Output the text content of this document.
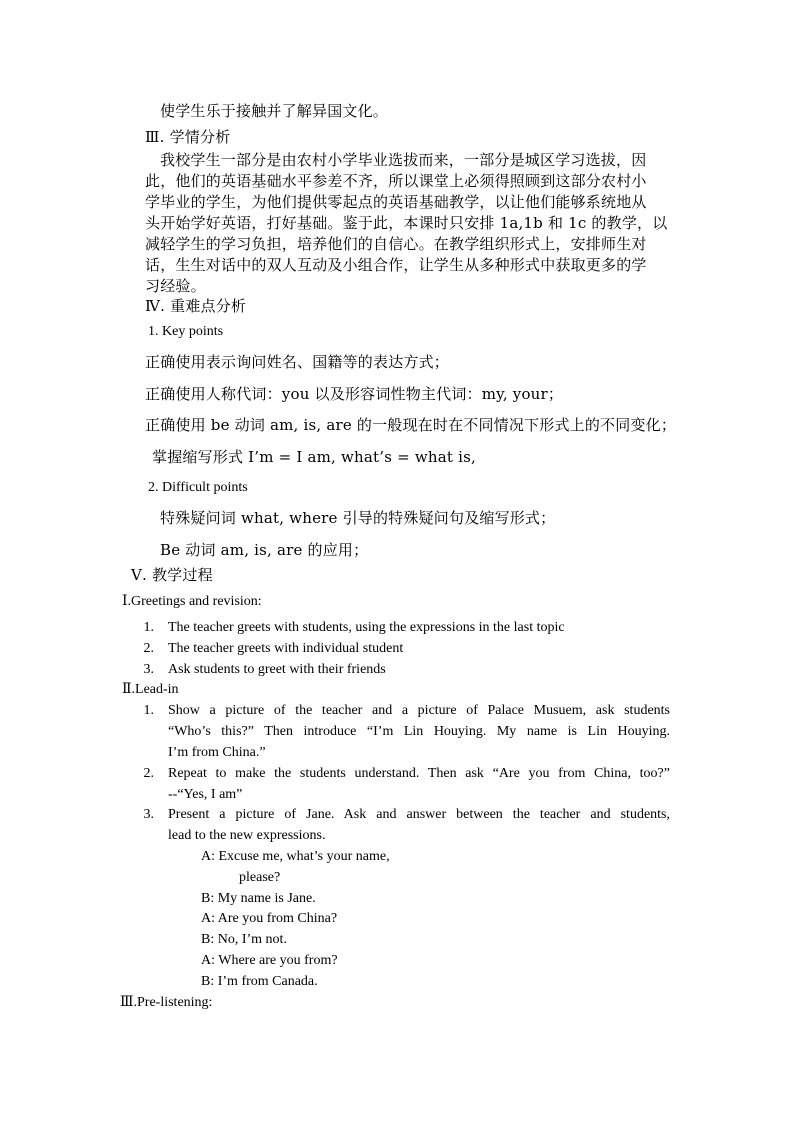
使学生乐于接触并了解异国文化。
Ⅲ. 学情分析
我校学生一部分是由农村小学毕业选拔而来，一部分是城区学习选拔，因
此，他们的英语基础水平参差不齐，所以课堂上必须得照顾到这部分农村小
学毕业的学生，为他们提供零起点的英语基础教学，以让他们能够系统地从
头开始学好英语，打好基础。鉴于此，本课时只安排 1a,1b 和 1c 的教学，以
减轻学生的学习负担，培养他们的自信心。在教学组织形式上，安排师生对
话，生生对话中的双人互动及小组合作，让学生从多种形式中获取更多的学
习经验。
Ⅳ. 重难点分析
1. Key points
正确使用表示询问姓名、国籍等的表达方式；
正确使用人称代词：you 以及形容词性物主代词：my, your；
正确使用 be 动词 am, is, are 的一般现在时在不同情况下形式上的不同变化；
掌握缩写形式 I’m = I am, what’s = what is,
2. Difficult points
特殊疑问词 what, where 引导的特殊疑问句及缩写形式；
Be 动词 am, is, are 的应用；
Ⅴ. 教学过程
Ⅰ.Greetings and revision:
1. The teacher greets with students, using the expressions in the last topic
2. The teacher greets with individual student
3. Ask students to greet with their friends
Ⅱ.Lead-in
1. Show a picture of the teacher and a picture of Palace Musuem, ask students
“Who’s this?” Then introduce “I’m Lin Houying. My name is Lin Houying.
I’m from China.”
2. Repeat to make the students understand. Then ask “Are you from China, too?”
--“Yes, I am”
3. Present a picture of Jane. Ask and answer between the teacher and students,
lead to the new expressions.
A: Excuse me, what’s your name,
please?
B: My name is Jane.
A: Are you from China?
B: No, I’m not.
A: Where are you from?
B: I’m from Canada.
Ⅲ.Pre-listening:
